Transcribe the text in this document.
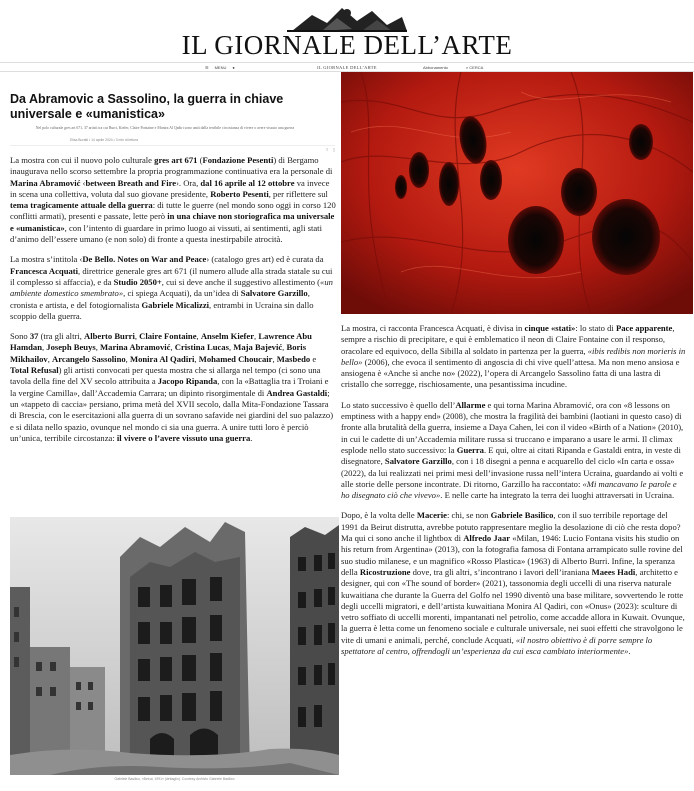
IL GIORNALE DELL’ARTE
☰ MENU ●	IL GIORNALE DELL’ARTE	Abbonamento	⌕ CERCA
Da Abramovic a Sassolino, la guerra in chiave universale e «umanistica»
Nel polo culturale gres art 671, 37 artisti tra cui Burri, Kiefer, Claire Fontaine e Monira Al Qadiri sono uniti dalla terribile circostanza di vivere o avere vissuto una guerra
Elisa Buratti • 14 aprile 2024 • 3 min di lettura
⇪ ▯

La mostra con cui il nuovo polo culturale gres art 671 (Fondazione Pesenti) di Bergamo inaugurava nello scorso settembre la propria programmazione continuativa era la personale di Marina Abramović ‹between Breath and Fire›. Ora, dal 16 aprile al 12 ottobre va invece in scena una collettiva, voluta dal suo giovane presidente, Roberto Pesenti, per riflettere sul tema tragicamente attuale della guerra: di tutte le guerre (nel mondo sono oggi in corso 120 conflitti armati), presenti e passate, lette però in una chiave non storiografica ma universale e «umanistica», con l’intento di guardare in primo luogo ai vissuti, ai sentimenti, agli stati d’animo dell’essere umano (e non solo) di fronte a questa inestirpabile atrocità.

La mostra s’intitola ‹De Bello. Notes on War and Peace› (catalogo gres art) ed è curata da Francesca Acquati, direttrice generale gres art 671 (il numero allude alla strada statale su cui il complesso si affaccia), e da Studio 2050+, cui si deve anche il suggestivo allestimento («un ambiente domestico smembrato», ci spiega Acquati), da un’idea di Salvatore Garzillo, cronista e artista, e del fotogiornalista Gabriele Micalizzi, entrambi in Ucraina sin dallo scoppio della guerra.

Sono 37 (tra gli altri, Alberto Burri, Claire Fontaine, Anselm Kiefer, Lawrence Abu Hamdan, Joseph Beuys, Marina Abramović, Cristina Lucas, Maja Bajević, Boris Mikhailov, Arcangelo Sassolino, Monira Al Qadiri, Mohamed Choucair, Masbedo e Total Refusal) gli artisti convocati per questa mostra che si allarga nel tempo (ci sono una tavola della fine del XV secolo attribuita a Jacopo Ripanda, con la «Battaglia tra i Troiani e la vergine Camilla», dall’Accademia Carrara; un dipinto risorgimentale di Andrea Gastaldi; un «tappeto di caccia» persiano, prima metà del XVII secolo, dalla Mita-Fondazione Tassara di Brescia, con le esercitazioni alla guerra di un sovrano safavide nei giardini del suo palazzo) e si dilata nello spazio, ovunque nel mondo ci sia una guerra. A unire tutti loro è perciò un’unica, terribile circostanza: il vivere o l’avere vissuto una guerra.

La mostra, ci racconta Francesca Acquati, è divisa in cinque «stati»: lo stato di Pace apparente, sempre a rischio di precipitare, e qui è emblematico il neon di Claire Fontaine con il responso, oracolare ed equivoco, della Sibilla al soldato in partenza per la guerra, «ibis redibis non morieris in bello» (2006), che evoca il sentimento di angoscia di chi vive quell’attesa. Ma non meno ansiosa e ansiogena è «Anche sì anche no» (2022), l’opera di Arcangelo Sassolino fatta di una lastra di cristallo che sorregge, rischiosamente, una pesantissima incudine.

Lo stato successivo è quello dell’Allarme e qui torna Marina Abramović, ora con «8 lessons on emptiness with a happy end» (2008), che mostra la fragilità dei bambini (laotiani in questo caso) di fronte alla brutalità della guerra, insieme a Daya Cahen, lei con il video «Birth of a Nation» (2010), in cui le cadette di un’Accademia militare russa si truccano e imparano a usare le armi. Il climax esplode nello stato successivo: la Guerra. E qui, oltre ai citati Ripanda e Gastaldi entra, in veste di disegnatore, Salvatore Garzillo, con i 18 disegni a penna e acquarello del ciclo «In carta e ossa» (2022), da lui realizzati nei primi mesi dell’invasione russa nell’intera Ucraina, guardando ai volti e alle storie delle persone incontrate. Di ritorno, Garzillo ha raccontato: «Mi mancavano le parole e ho disegnato ciò che vivevo». E nelle carte ha integrato la terra dei luoghi attraversati in Ucraina.

Dopo, è la volta delle Macerie: chi, se non Gabriele Basilico, con il suo terribile reportage del 1991 da Beirut distrutta, avrebbe potuto rappresentare meglio la desolazione di ciò che resta dopo? Ma qui ci sono anche il lightbox di Alfredo Jaar «Milan, 1946: Lucio Fontana visits his studio on his return from Argentina» (2013), con la fotografia famosa di Fontana arrampicato sulle rovine del suo studio milanese, e un magnifico «Rosso Plastica» (1963) di Alberto Burri. Infine, la speranza della Ricostruzione dove, tra gli altri, s’incontrano i lavori dell’iraniana Maees Hadi, architetto e designer, qui con «The sound of border» (2021), tassonomia degli uccelli di una riserva naturale kuwaitiana che durante la Guerra del Golfo nel 1990 diventò una base militare, sovvertendo le rotte degli uccelli migratori, e dell’artista kuwaitiana Monira Al Qadiri, con «Onus» (2023): sculture di vetro soffiato di uccelli morenti, impantanati nel petrolio, come accadde allora in Kuwait. Ovunque, la guerra è letta come un fenomeno sociale e culturale universale, nei suoi effetti che stravolgono le vite di umani e animali, perché, conclude Acquati, «il nostro obiettivo è di porre sempre lo spettatore al centro, offrendogli un’esperienza da cui esca cambiato interiormente».

Gabriele Basilico, «Beirut, 1991» (dettaglio). Courtesy Archivio Gabriele Basilico
